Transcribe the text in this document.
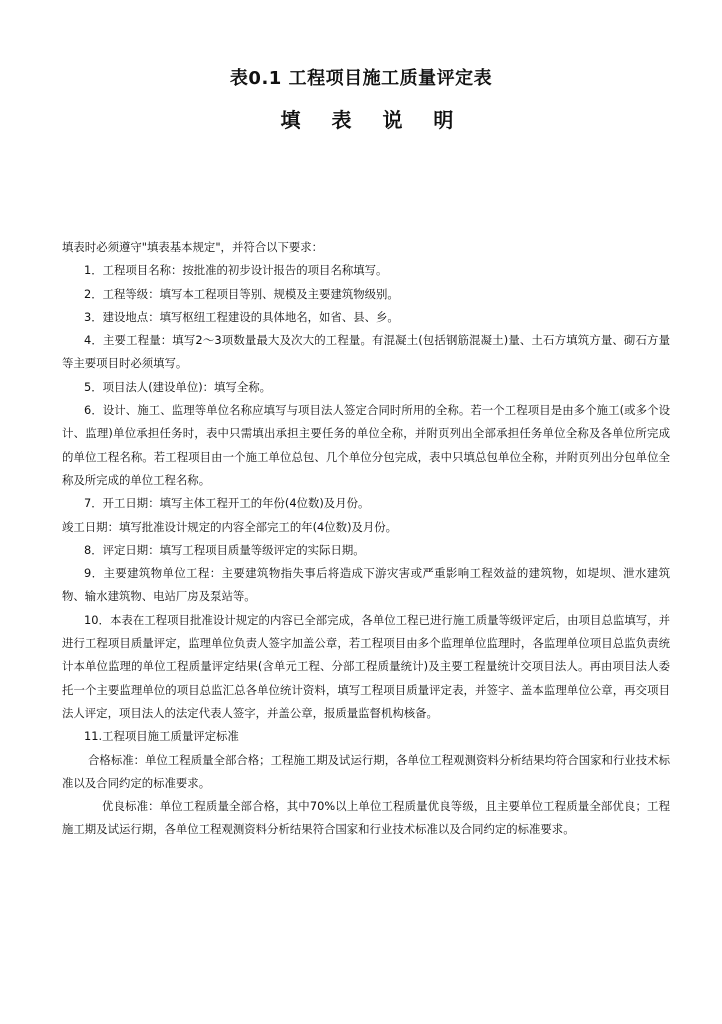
表0.1 工程项目施工质量评定表
填 表 说 明

填表时必须遵守"填表基本规定"，并符合以下要求：

1．工程项目名称：按批准的初步设计报告的项目名称填写。

2．工程等级：填写本工程项目等别、规模及主要建筑物级别。

3．建设地点：填写枢纽工程建设的具体地名，如省、县、乡。

4．主要工程量：填写2～3项数量最大及次大的工程量。有混凝土(包括钢筋混凝土)量、土石方填筑方量、砌石方量等主要项目时必须填写。

5．项目法人(建设单位)：填写全称。

6．设计、施工、监理等单位名称应填写与项目法人签定合同时所用的全称。若一个工程项目是由多个施工(或多个设计、监理)单位承担任务时，表中只需填出承担主要任务的单位全称，并附页列出全部承担任务单位全称及各单位所完成的单位工程名称。若工程项目由一个施工单位总包、几个单位分包完成，表中只填总包单位全称，并附页列出分包单位全称及所完成的单位工程名称。

7．开工日期：填写主体工程开工的年份(4位数)及月份。

竣工日期：填写批准设计规定的内容全部完工的年(4位数)及月份。

8．评定日期：填写工程项目质量等级评定的实际日期。

9．主要建筑物单位工程：主要建筑物指失事后将造成下游灾害或严重影响工程效益的建筑物，如堤坝、泄水建筑物、输水建筑物、电站厂房及泵站等。

10．本表在工程项目批准设计规定的内容已全部完成，各单位工程已进行施工质量等级评定后，由项目总监填写，并进行工程项目质量评定，监理单位负责人签字加盖公章，若工程项目由多个监理单位监理时，各监理单位项目总监负责统计本单位监理的单位工程质量评定结果(含单元工程、分部工程质量统计)及主要工程量统计交项目法人。再由项目法人委托一个主要监理单位的项目总监汇总各单位统计资料，填写工程项目质量评定表，并签字、盖本监理单位公章，再交项目法人评定，项目法人的法定代表人签字，并盖公章，报质量监督机构核备。

11.工程项目施工质量评定标准

合格标准：单位工程质量全部合格；工程施工期及试运行期，各单位工程观测资料分析结果均符合国家和行业技术标准以及合同约定的标准要求。

优良标准：单位工程质量全部合格，其中70%以上单位工程质量优良等级，且主要单位工程质量全部优良；工程施工期及试运行期，各单位工程观测资料分析结果符合国家和行业技术标准以及合同约定的标准要求。
